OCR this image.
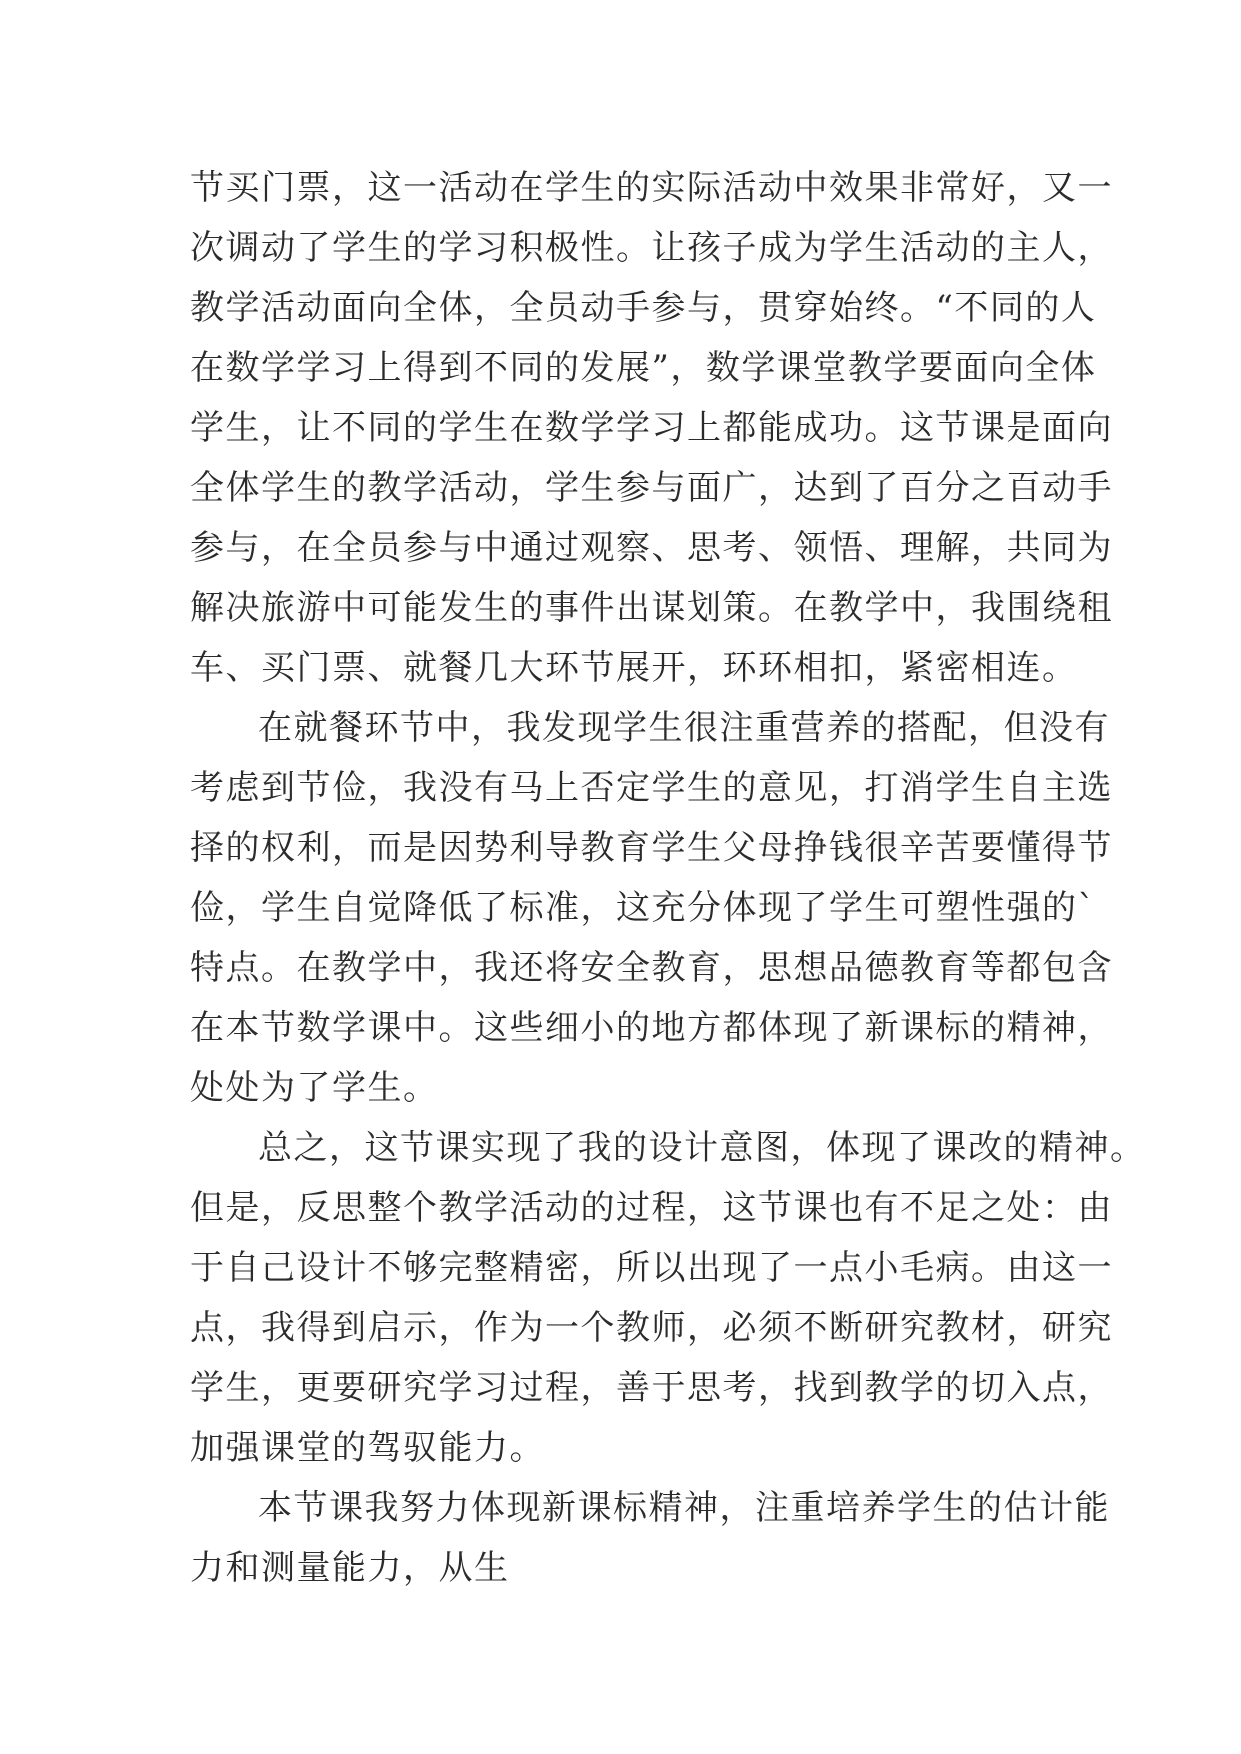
节买门票，这一活动在学生的实际活动中效果非常好，又一
次调动了学生的学习积极性。让孩子成为学生活动的主人，
教学活动面向全体，全员动手参与，贯穿始终。“不同的人
在数学学习上得到不同的发展”，数学课堂教学要面向全体
学生，让不同的学生在数学学习上都能成功。这节课是面向
全体学生的教学活动，学生参与面广，达到了百分之百动手
参与，在全员参与中通过观察、思考、领悟、理解，共同为
解决旅游中可能发生的事件出谋划策。在教学中，我围绕租
车、买门票、就餐几大环节展开，环环相扣，紧密相连。
在就餐环节中，我发现学生很注重营养的搭配，但没有
考虑到节俭，我没有马上否定学生的意见，打消学生自主选
择的权利，而是因势利导教育学生父母挣钱很辛苦要懂得节
俭，学生自觉降低了标准，这充分体现了学生可塑性强的`
特点。在教学中，我还将安全教育，思想品德教育等都包含
在本节数学课中。这些细小的地方都体现了新课标的精神，
处处为了学生。
总之，这节课实现了我的设计意图，体现了课改的精神。
但是，反思整个教学活动的过程，这节课也有不足之处：由
于自己设计不够完整精密，所以出现了一点小毛病。由这一
点，我得到启示，作为一个教师，必须不断研究教材，研究
学生，更要研究学习过程，善于思考，找到教学的切入点，
加强课堂的驾驭能力。
本节课我努力体现新课标精神，注重培养学生的估计能
力和测量能力，从生
